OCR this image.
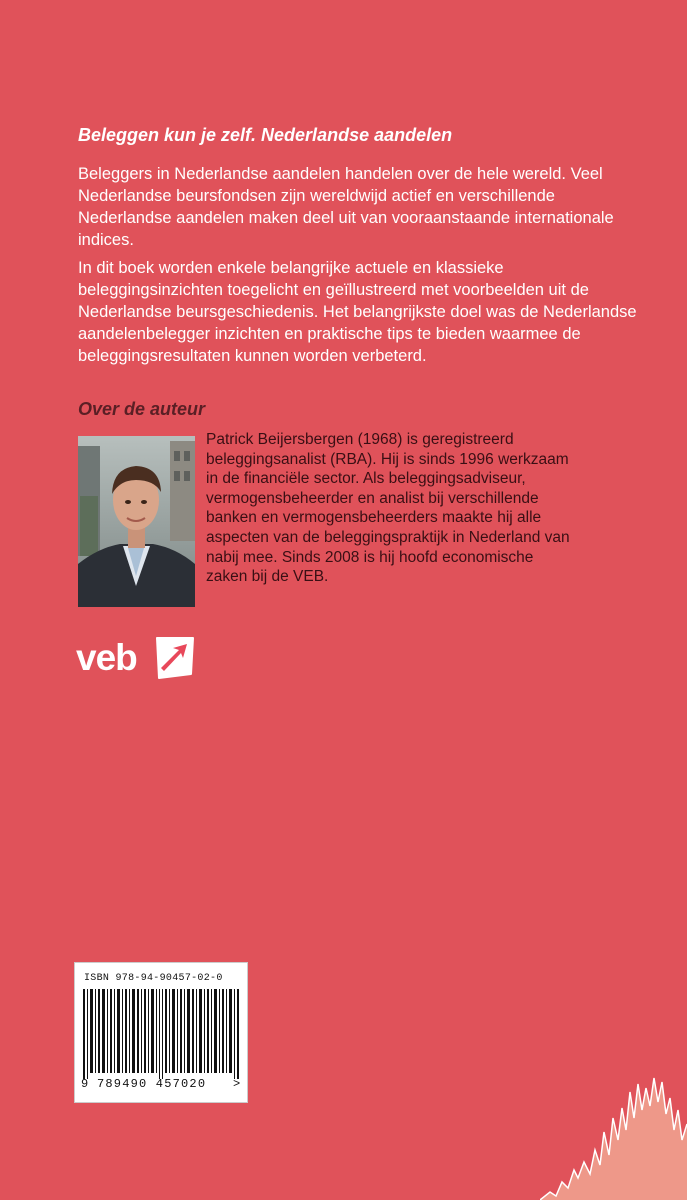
Beleggen kun je zelf. Nederlandse aandelen

Beleggers in Nederlandse aandelen handelen over de hele wereld. Veel Nederlandse beursfondsen zijn wereldwijd actief en verschillende Nederlandse aandelen maken deel uit van vooraanstaande internationale indices.

In dit boek worden enkele belangrijke actuele en klassieke beleggingsinzichten toegelicht en geïllustreerd met voorbeelden uit de Nederlandse beursgeschiedenis. Het belangrijkste doel was de Nederlandse aandelenbelegger inzichten en praktische tips te bieden waarmee de beleggingsresultaten kunnen worden verbeterd.

Over de auteur

Patrick Beijersbergen (1968) is geregistreerd beleggingsanalist (RBA). Hij is sinds 1996 werkzaam in de financiële sector. Als beleggingsadviseur, vermogensbeheerder en analist bij verschillende banken en vermogensbeheerders maakte hij alle aspecten van de beleggingspraktijk in Nederland van nabij mee. Sinds 2008 is hij hoofd economische zaken bij de VEB.

veb
ISBN 978-94-90457-02-0
9 789490 457020 >
